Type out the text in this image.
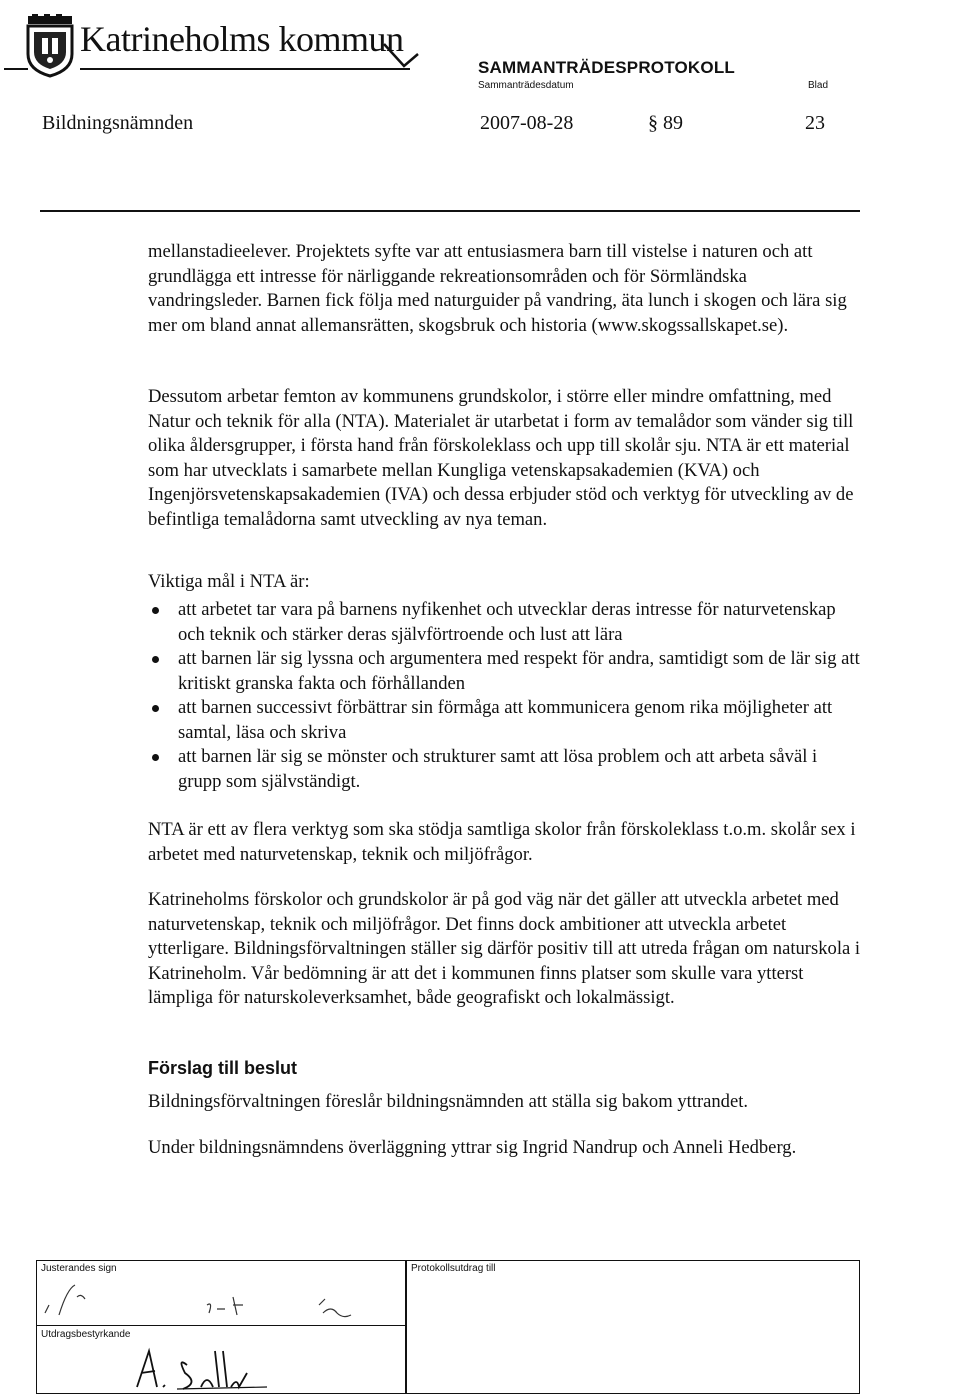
Katrineholms kommun
SAMMANTRÄDESPROTOKOLL
Sammanträdesdatum	Blad
Bildningsnämnden	2007-08-28	§ 89	23

mellanstadieelever. Projektets syfte var att entusiasmera barn till vistelse i naturen och att grundlägga ett intresse för närliggande rekreationsområden och för Sörmländska vandringsleder. Barnen fick följa med naturguider på vandring, äta lunch i skogen och lära sig mer om bland annat allemansrätten, skogsbruk och historia (www.skogssallskapet.se).

Dessutom arbetar femton av kommunens grundskolor, i större eller mindre omfattning, med Natur och teknik för alla (NTA). Materialet är utarbetat i form av temalådor som vänder sig till olika åldersgrupper, i första hand från förskoleklass och upp till skolår sju. NTA är ett material som har utvecklats i samarbete mellan Kungliga vetenskapsakademien (KVA) och Ingenjörsvetenskapsakademien (IVA) och dessa erbjuder stöd och verktyg för utveckling av de befintliga temalådorna samt utveckling av nya teman.

Viktiga mål i NTA är:

att arbetet tar vara på barnens nyfikenhet och utvecklar deras intresse för naturvetenskap och teknik och stärker deras självförtroende och lust att lära
att barnen lär sig lyssna och argumentera med respekt för andra, samtidigt som de lär sig att kritiskt granska fakta och förhållanden
att barnen successivt förbättrar sin förmåga att kommunicera genom rika möjligheter att samtal, läsa och skriva
att barnen lär sig se mönster och strukturer samt att lösa problem och att arbeta såväl i grupp som självständigt.

NTA är ett av flera verktyg som ska stödja samtliga skolor från förskoleklass t.o.m. skolår sex i arbetet med naturvetenskap, teknik och miljöfrågor.

Katrineholms förskolor och grundskolor är på god väg när det gäller att utveckla arbetet med naturvetenskap, teknik och miljöfrågor. Det finns dock ambitioner att utveckla arbetet ytterligare. Bildningsförvaltningen ställer sig därför positiv till att utreda frågan om naturskola i Katrineholm. Vår bedömning är att det i kommunen finns platser som skulle vara ytterst lämpliga för naturskoleverksamhet, både geografiskt och lokalmässigt.

Förslag till beslut

Bildningsförvaltningen föreslår bildningsnämnden att ställa sig bakom yttrandet.

Under bildningsnämndens överläggning yttrar sig Ingrid Nandrup och Anneli Hedberg.

Justerandes sign
Utdragsbestyrkande
Protokollsutdrag till
